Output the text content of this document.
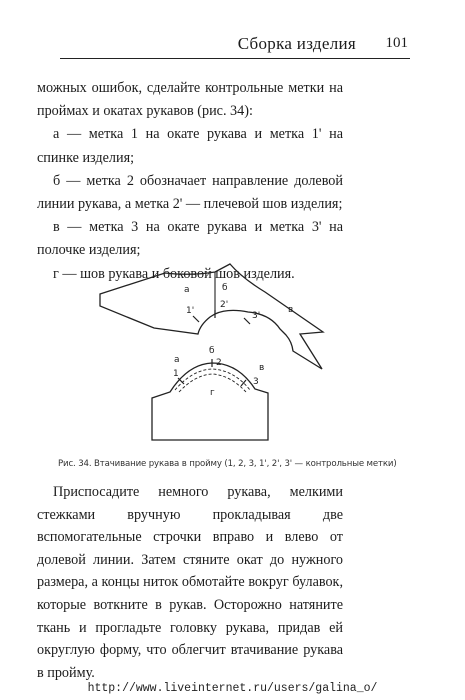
Сборка изделия 101

можных ошибок, сделайте контрольные метки на проймах и окатах рукавов (рис. 34):

а — метка 1 на окате рукава и метка 1' на спинке изделия;

б — метка 2 обозначает направление долевой линии рукава, а метка 2' — плечевой шов изделия;

в — метка 3 на окате рукава и метка 3' на полочке изделия;

г — шов рукава и боковой шов изделия.

а	б
в
1'
2'
3'
а
б
в
1
2
3
г
Рис. 34. Втачивание рукава в пройму (1, 2, 3, 1', 2', 3' — контрольные метки)

Приспосадите немного рукава, мелкими стежками вручную прокладывая две вспомогательные строчки вправо и влево от долевой линии. Затем стяните окат до нужного размера, а концы ниток обмотайте вокруг булавок, которые воткните в рукав. Осторожно натяните ткань и прогладьте головку рукава, придав ей округлую форму, что облегчит втачивание рукава в пройму.

http://www.liveinternet.ru/users/galina_o/
